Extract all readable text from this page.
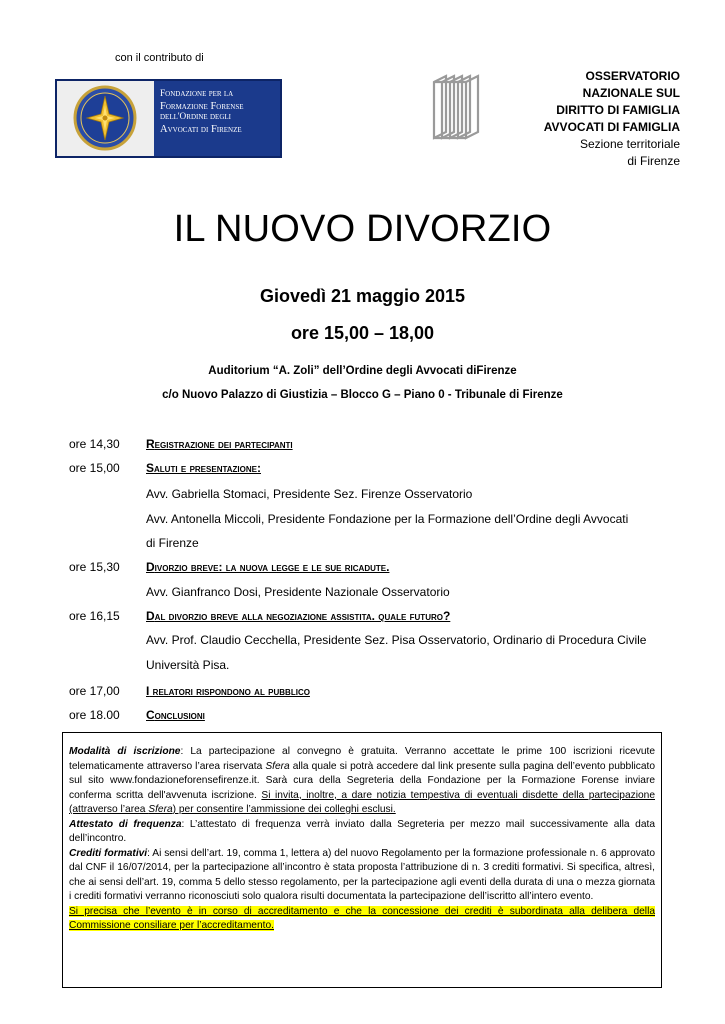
con il contributo di
Fondazione per la
Formazione Forense
dell'Ordine degli
Avvocati di Firenze
OSSERVATORIO
NAZIONALE SUL
DIRITTO DI FAMIGLIA
AVVOCATI DI FAMIGLIA
Sezione territoriale
di Firenze
IL NUOVO DIVORZIO
Giovedì 21 maggio 2015
ore 15,00 – 18,00
Auditorium “A. Zoli” dell’Ordine degli Avvocati diFirenze
c/o Nuovo Palazzo di Giustizia – Blocco G – Piano 0 - Tribunale di Firenze
ore 14,30 registrazione dei partecipanti
ore 15,00 saluti e presentazione:
Avv. Gabriella Stomaci, Presidente Sez. Firenze Osservatorio
Avv. Antonella Miccoli, Presidente Fondazione per la Formazione dell’Ordine degli Avvocati
di Firenze
ore 15,30 divorzio breve: la nuova legge e le sue ricadute.
Avv. Gianfranco Dosi, Presidente Nazionale Osservatorio
ore 16,15 dal divorzio breve alla negoziazione assistita. quale futuro?
Avv. Prof. Claudio Cecchella, Presidente Sez. Pisa Osservatorio, Ordinario di Procedura Civile
Università Pisa.
ore 17,00 i relatori rispondono al pubblico
ore 18.00 conclusioni

Modalità di iscrizione: La partecipazione al convegno è gratuita. Verranno accettate le prime 100 iscrizioni ricevute telematicamente attraverso l’area riservata Sfera alla quale si potrà accedere dal link presente sulla pagina dell’evento pubblicato sul sito www.fondazioneforensefirenze.it. Sarà cura della Segreteria della Fondazione per la Formazione Forense inviare conferma scritta dell'avvenuta iscrizione. Si invita, inoltre, a dare notizia tempestiva di eventuali disdette della partecipazione (attraverso l’area Sfera) per consentire l’ammissione dei colleghi esclusi.

Attestato di frequenza: L’attestato di frequenza verrà inviato dalla Segreteria per mezzo mail successivamente alla data dell’incontro.

Crediti formativi: Ai sensi dell’art. 19, comma 1, lettera a) del nuovo Regolamento per la formazione professionale n. 6 approvato dal CNF il 16/07/2014, per la partecipazione all’incontro è stata proposta l’attribuzione di n. 3 crediti formativi. Si specifica, altresì, che ai sensi dell’art. 19, comma 5 dello stesso regolamento, per la partecipazione agli eventi della durata di una o mezza giornata i crediti formativi verranno riconosciuti solo qualora risulti documentata la partecipazione dell’iscritto all’intero evento.

Si precisa che l’evento è in corso di accreditamento e che la concessione dei crediti è subordinata alla delibera della Commissione consiliare per l’accreditamento.
